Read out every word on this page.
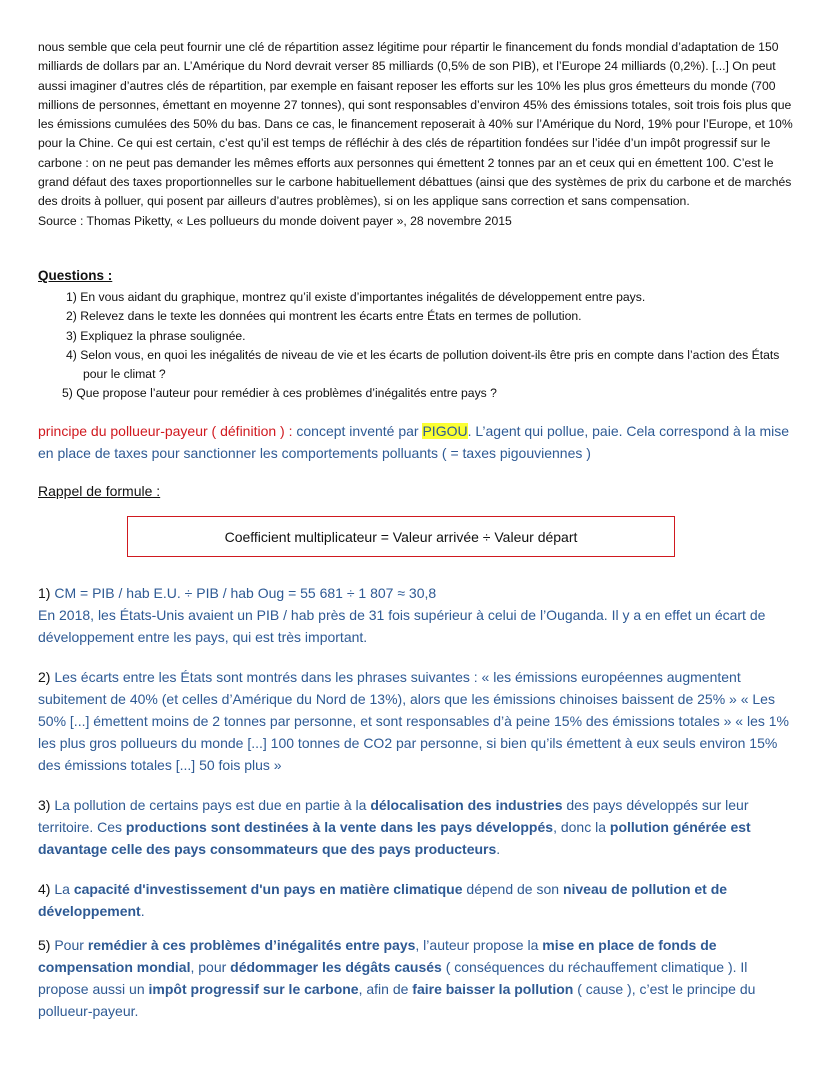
nous semble que cela peut fournir une clé de répartition assez légitime pour répartir le financement du fonds mondial d’adaptation de 150 milliards de dollars par an. L’Amérique du Nord devrait verser 85 milliards (0,5% de son PIB), et l’Europe 24 milliards (0,2%). [...] On peut aussi imaginer d’autres clés de répartition, par exemple en faisant reposer les efforts sur les 10% les plus gros émetteurs du monde (700 millions de personnes, émettant en moyenne 27 tonnes), qui sont responsables d’environ 45% des émissions totales, soit trois fois plus que les émissions cumulées des 50% du bas. Dans ce cas, le financement reposerait à 40% sur l’Amérique du Nord, 19% pour l’Europe, et 10% pour la Chine. Ce qui est certain, c’est qu’il est temps de réfléchir à des clés de répartition fondées sur l’idée d’un impôt progressif sur le carbone : on ne peut pas demander les mêmes efforts aux personnes qui émettent 2 tonnes par an et ceux qui en émettent 100. C’est le grand défaut des taxes proportionnelles sur le carbone habituellement débattues (ainsi que des systèmes de prix du carbone et de marchés des droits à polluer, qui posent par ailleurs d’autres problèmes), si on les applique sans correction et sans compensation.
Source : Thomas Piketty, « Les pollueurs du monde doivent payer », 28 novembre 2015
Questions :
1) En vous aidant du graphique, montrez qu’il existe d’importantes inégalités de développement entre pays.
2) Relevez dans le texte les données qui montrent les écarts entre États en termes de pollution.
3) Expliquez la phrase soulignée.
4) Selon vous, en quoi les inégalités de niveau de vie et les écarts de pollution doivent-ils être pris en compte dans l’action des États pour le climat ?
5) Que propose l’auteur pour remédier à ces problèmes d’inégalités entre pays ?
principe du pollueur-payeur ( définition ) : concept inventé par PIGOU. L’agent qui pollue, paie. Cela correspond à la mise en place de taxes pour sanctionner les comportements polluants ( = taxes pigouviennes )
Rappel de formule :
Coefficient multiplicateur = Valeur arrivée ÷ Valeur départ
1) CM = PIB / hab E.U. ÷ PIB / hab Oug = 55 681 ÷ 1 807 ≈ 30,8
En 2018, les États-Unis avaient un PIB / hab près de 31 fois supérieur à celui de l’Ouganda. Il y a en effet un écart de développement entre les pays, qui est très important.
2) Les écarts entre les États sont montrés dans les phrases suivantes : « les émissions européennes augmentent subitement de 40% (et celles d’Amérique du Nord de 13%), alors que les émissions chinoises baissent de 25% » « Les 50% [...] émettent moins de 2 tonnes par personne, et sont responsables d’à peine 15% des émissions totales » « les 1% les plus gros pollueurs du monde [...] 100 tonnes de CO2 par personne, si bien qu’ils émettent à eux seuls environ 15% des émissions totales [...] 50 fois plus »
3) La pollution de certains pays est due en partie à la délocalisation des industries des pays développés sur leur territoire. Ces productions sont destinées à la vente dans les pays développés, donc la pollution générée est davantage celle des pays consommateurs que des pays producteurs.
4) La capacité d'investissement d'un pays en matière climatique dépend de son niveau de pollution et de développement.
5) Pour remédier à ces problèmes d’inégalités entre pays, l’auteur propose la mise en place de fonds de compensation mondial, pour dédommager les dégâts causés ( conséquences du réchauffement climatique ). Il propose aussi un impôt progressif sur le carbone, afin de faire baisser la pollution ( cause ), c’est le principe du pollueur-payeur.
